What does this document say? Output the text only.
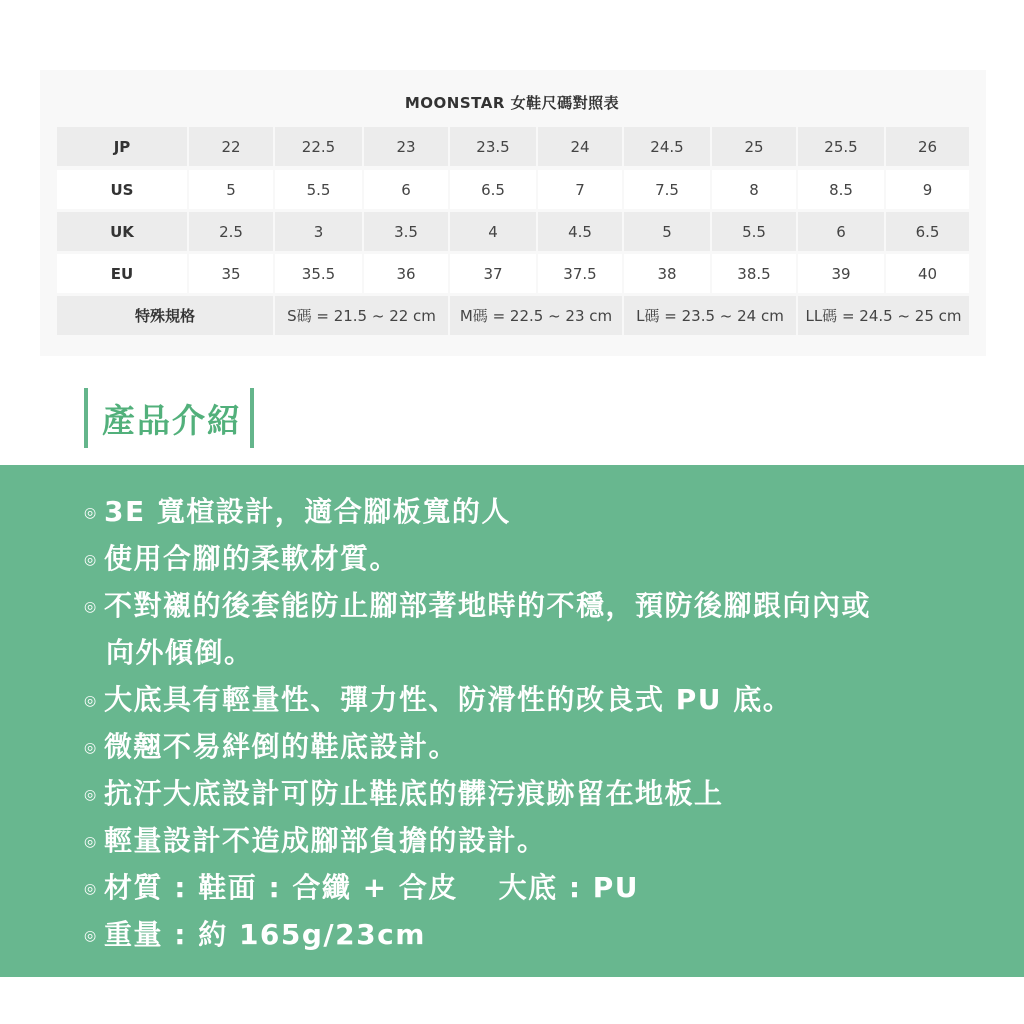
MOONSTAR 女鞋尺碼對照表
JP	22	22.5	23	23.5	24	24.5	25	25.5	26
US	5	5.5	6	6.5	7	7.5	8	8.5	9
UK	2.5	3	3.5	4	4.5	5	5.5	6	6.5
EU	35	35.5	36	37	37.5	38	38.5	39	40
特殊規格	S碼 = 21.5 ~ 22 cm	M碼 = 22.5 ~ 23 cm	L碼 = 23.5 ~ 24 cm	LL碼 = 24.5 ~ 25 cm
產品介紹
◎ 3E 寬楦設計，適合腳板寬的人
◎ 使用合腳的柔軟材質。
◎ 不對襯的後套能防止腳部著地時的不穩，預防後腳跟向內或
向外傾倒。
◎ 大底具有輕量性、彈力性、防滑性的改良式 PU 底。
◎ 微翹不易絆倒的鞋底設計。
◎ 抗汙大底設計可防止鞋底的髒污痕跡留在地板上
◎ 輕量設計不造成腳部負擔的設計。
◎ 材質 : 鞋面 : 合纖 + 合皮　 大底 : PU
◎ 重量 : 約 165g/23cm
